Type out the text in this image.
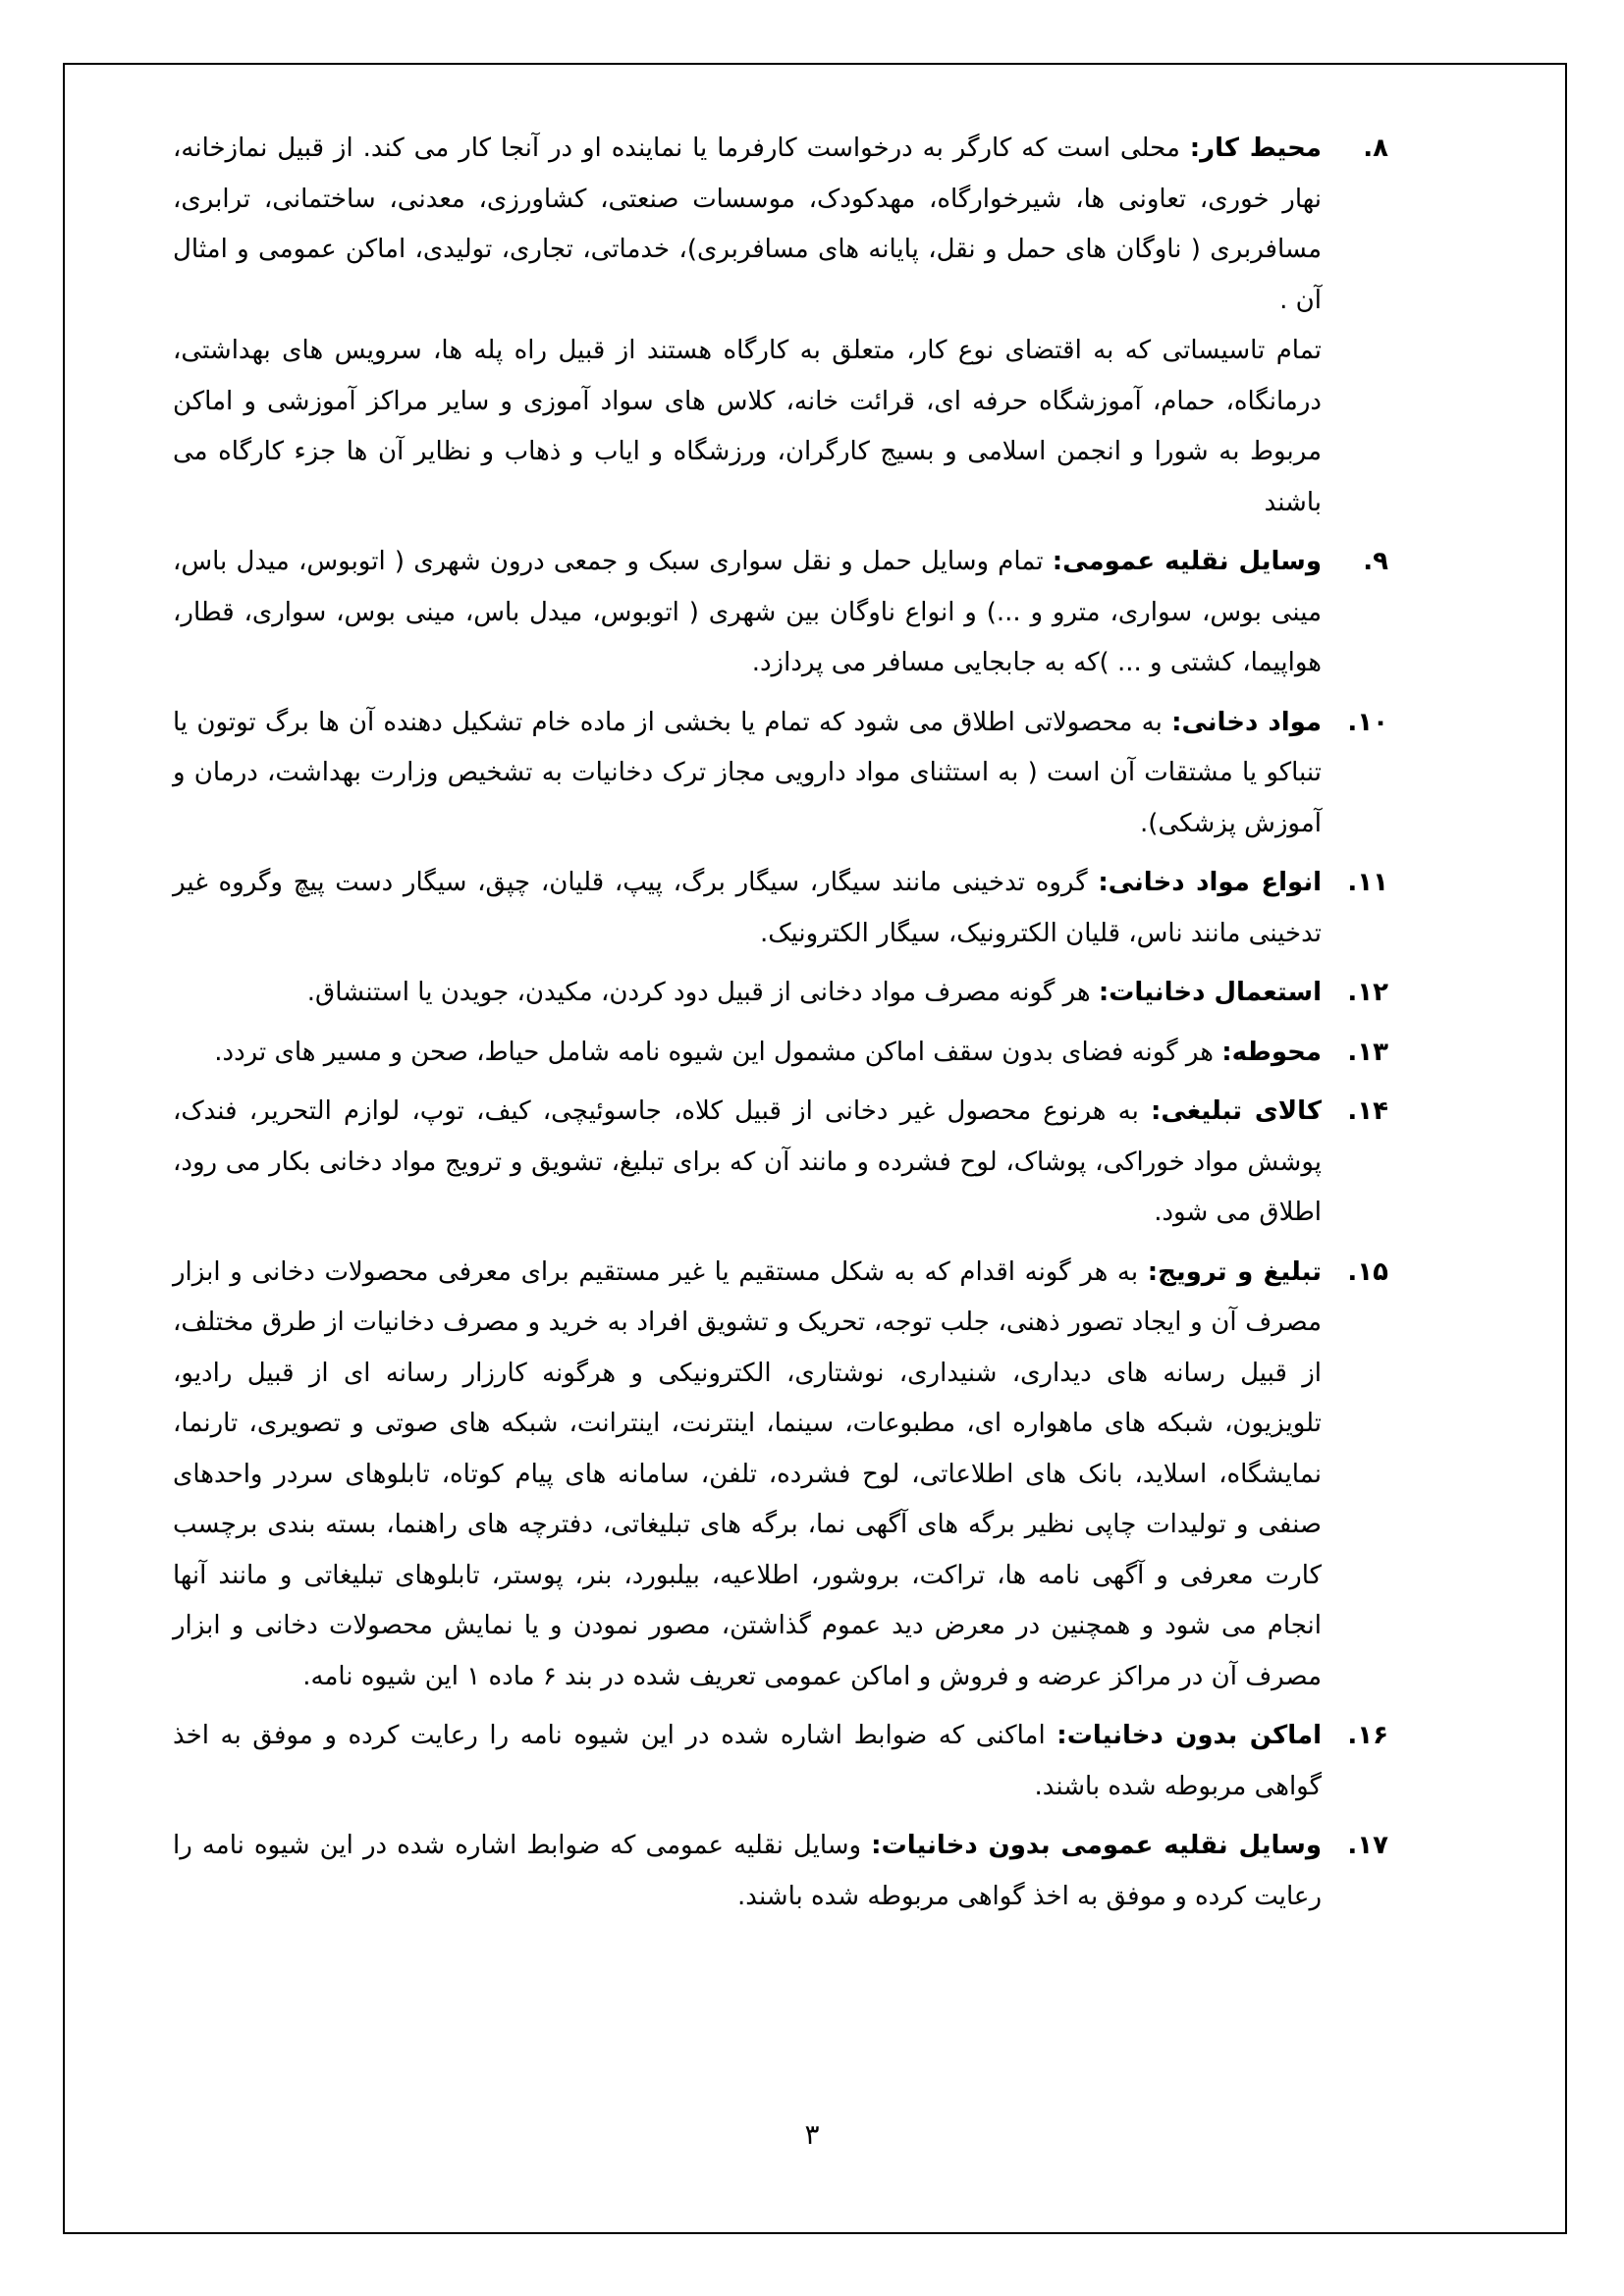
۸.
محیط کار: محلی است که کارگر به درخواست کارفرما یا نماینده او در آنجا کار می کند. از قبیل نمازخانه، نهار خوری، تعاونی ها، شیرخوارگاه، مهدکودک، موسسات صنعتی، کشاورزی، معدنی، ساختمانی، ترابری، مسافربری ( ناوگان های حمل و نقل، پایانه های مسافربری)، خدماتی، تجاری، تولیدی، اماکن عمومی و امثال آن .
تمام تاسیساتی که به اقتضای نوع کار، متعلق به کارگاه هستند از قبیل راه پله ها، سرویس های بهداشتی، درمانگاه، حمام، آموزشگاه حرفه ای، قرائت خانه، کلاس های سواد آموزی و سایر مراکز آموزشی و اماکن مربوط به شورا و انجمن اسلامی و بسیج کارگران، ورزشگاه و ایاب و ذهاب و نظایر آن ها جزء کارگاه می باشند
۹.
وسایل نقلیه عمومی: تمام وسایل حمل و نقل سواری سبک و جمعی درون شهری ( اتوبوس، میدل باس، مینی بوس، سواری، مترو و ...) و انواع ناوگان بین شهری ( اتوبوس، میدل باس، مینی بوس، سواری، قطار، هواپیما، کشتی و ... )که به جابجایی مسافر می پردازد.
۱۰.
مواد دخانی: به محصولاتی اطلاق می شود که تمام یا بخشی از ماده خام تشکیل دهنده آن ها برگ توتون یا تنباکو یا مشتقات آن است ( به استثنای مواد دارویی مجاز ترک دخانیات به تشخیص وزارت بهداشت، درمان و آموزش پزشکی).
۱۱.
انواع مواد دخانی: گروه تدخینی مانند سیگار، سیگار برگ، پیپ، قلیان، چپق، سیگار دست پیچ وگروه غیر تدخینی مانند ناس، قلیان الکترونیک، سیگار الکترونیک.
۱۲.
استعمال دخانیات: هر گونه مصرف مواد دخانی از قبیل دود کردن، مکیدن، جویدن یا استنشاق.
۱۳.
محوطه: هر گونه فضای بدون سقف اماکن مشمول این شیوه نامه شامل حیاط، صحن و مسیر های تردد.
۱۴.
کالای تبلیغی: به هرنوع محصول غیر دخانی از قبیل کلاه، جاسوئیچی، کیف، توپ، لوازم التحریر، فندک، پوشش مواد خوراکی، پوشاک، لوح فشرده و مانند آن که برای تبلیغ، تشویق و ترویج مواد دخانی بکار می رود، اطلاق می شود.
۱۵.
تبلیغ و ترویج: به هر گونه اقدام که به شکل مستقیم یا غیر مستقیم برای معرفی محصولات دخانی و ابزار مصرف آن و ایجاد تصور ذهنی، جلب توجه، تحریک و تشویق افراد به خرید و مصرف دخانیات از طرق مختلف، از قبیل رسانه های دیداری، شنیداری، نوشتاری، الکترونیکی و هرگونه کارزار رسانه ای از قبیل رادیو، تلویزیون، شبکه های ماهواره ای، مطبوعات، سینما، اینترنت، اینترانت، شبکه های صوتی و تصویری، تارنما، نمایشگاه، اسلاید، بانک های اطلاعاتی، لوح فشرده، تلفن، سامانه های پیام کوتاه، تابلوهای سردر واحدهای صنفی و تولیدات چاپی نظیر برگه های آگهی نما، برگه های تبلیغاتی، دفترچه های راهنما، بسته بندی برچسب کارت معرفی و آگهی نامه ها، تراکت، بروشور، اطلاعیه، بیلبورد، بنر، پوستر، تابلوهای تبلیغاتی و مانند آنها انجام می شود و همچنین در معرض دید عموم گذاشتن، مصور نمودن و یا نمایش محصولات دخانی و ابزار مصرف آن در مراکز عرضه و فروش و اماکن عمومی تعریف شده در بند ۶ ماده ۱ این شیوه نامه.
۱۶.
اماکن بدون دخانیات: اماکنی که ضوابط اشاره شده در این شیوه نامه را رعایت کرده و موفق به اخذ گواهی مربوطه شده باشند.
۱۷.
وسایل نقلیه عمومی بدون دخانیات: وسایل نقلیه عمومی که ضوابط اشاره شده در این شیوه نامه را رعایت کرده و موفق به اخذ گواهی مربوطه شده باشند.
۳
